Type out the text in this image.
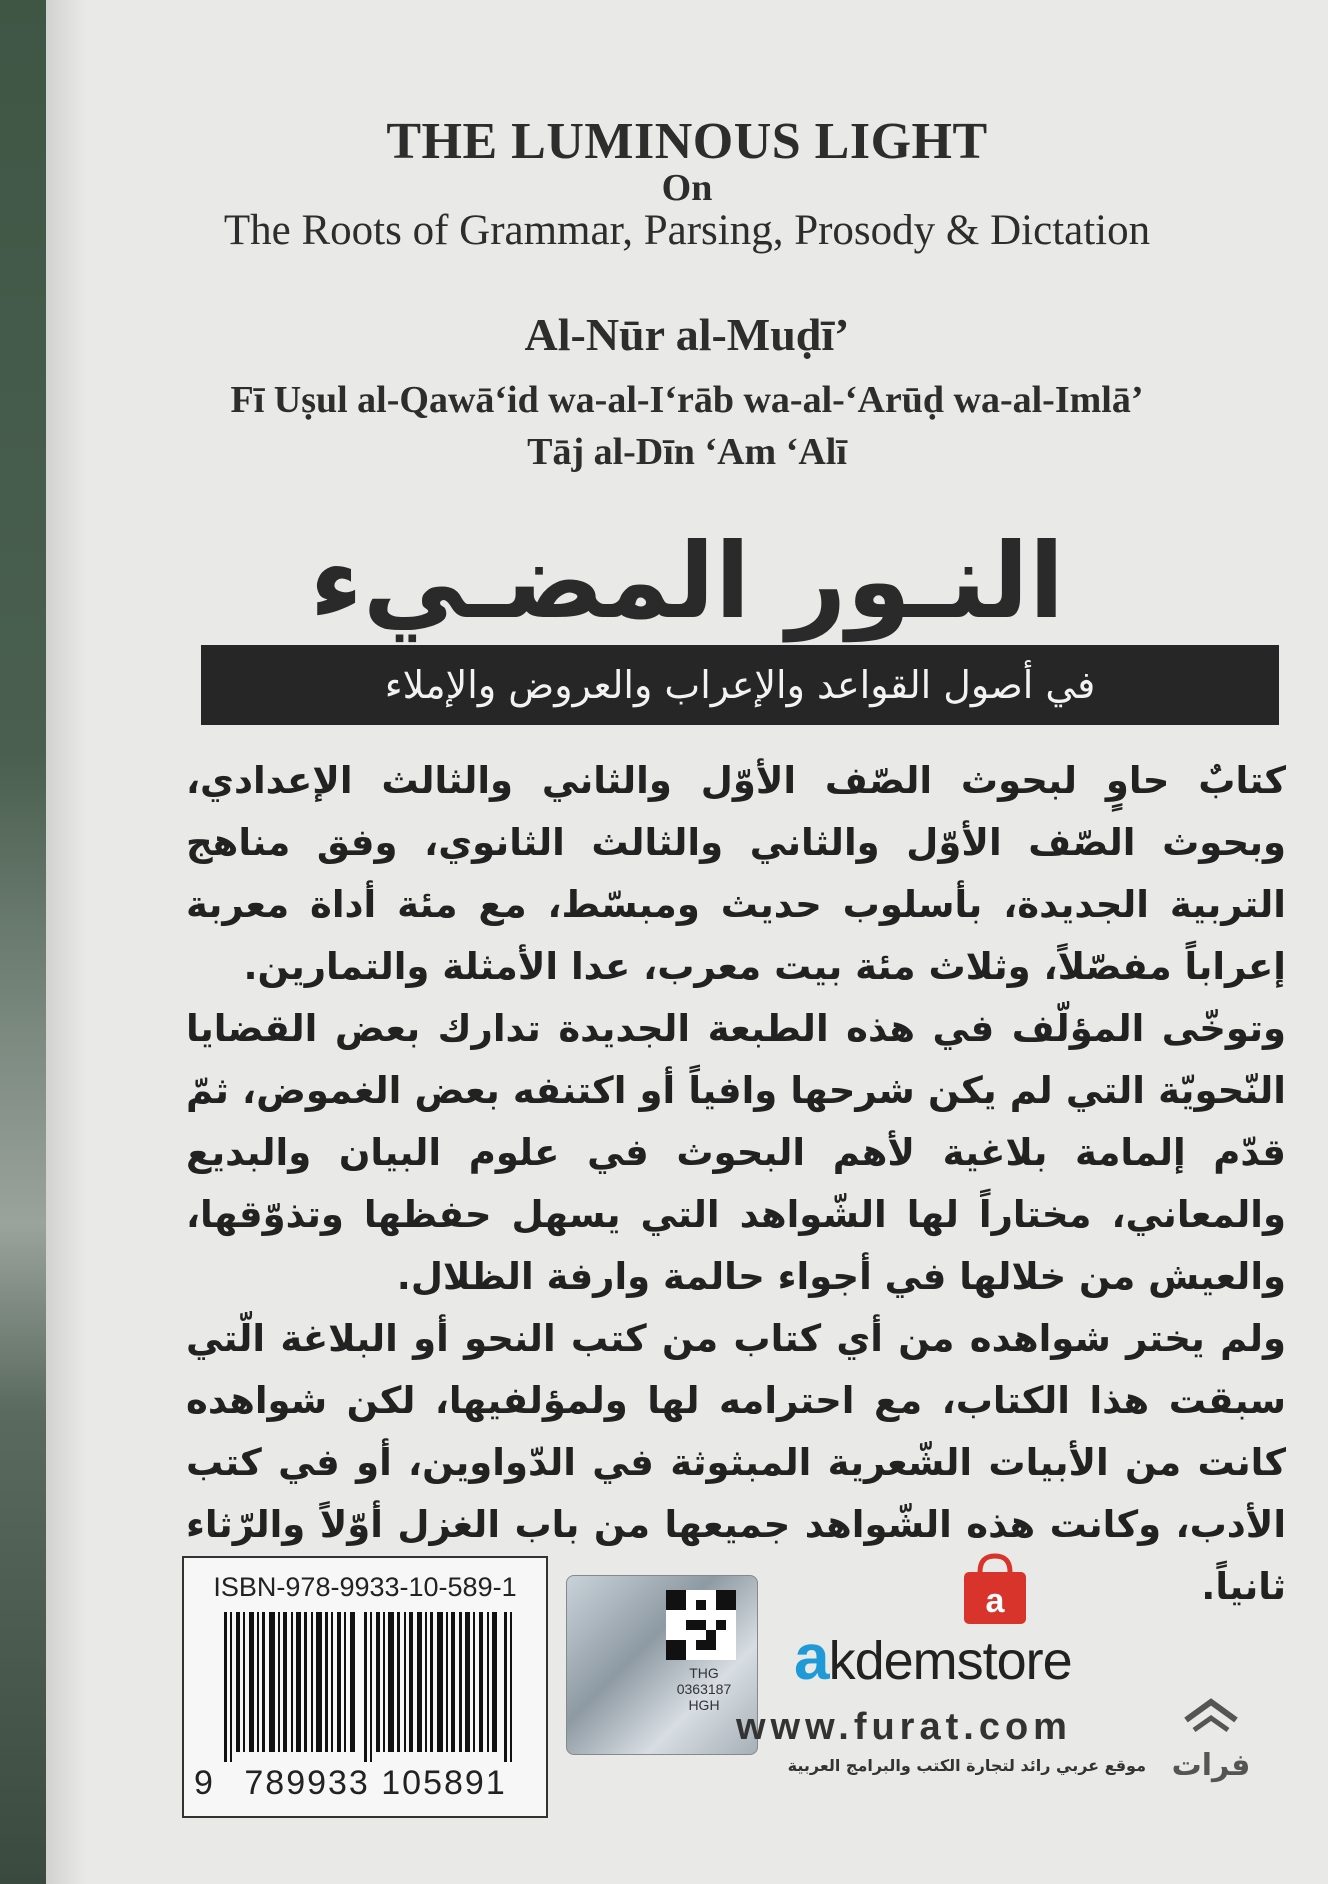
THE LUMINOUS LIGHT
On
The Roots of Grammar, Parsing, Prosody & Dictation
Al-Nūr al-Muḍī’
Fī Uṣul al-Qawā‘id wa-al-I‘rāb wa-al-‘Arūḍ wa-al-Imlā’
Tāj al-Dīn ‘Am ‘Alī
النـور المضـيء
في أصول القواعد والإعراب والعروض والإملاء

كتابٌ حاوٍ لبحوث الصّف الأوّل والثاني والثالث الإعدادي، وبحوث الصّف الأوّل والثاني والثالث الثانوي، وفق مناهج التربية الجديدة، بأسلوب حديث ومبسّط، مع مئة أداة معربة إعراباً مفصّلاً، وثلاث مئة بيت معرب، عدا الأمثلة والتمارين.

وتوخّى المؤلّف في هذه الطبعة الجديدة تدارك بعض القضايا النّحويّة التي لم يكن شرحها وافياً أو اكتنفه بعض الغموض، ثمّ قدّم إلمامة بلاغية لأهم البحوث في علوم البيان والبديع والمعاني، مختاراً لها الشّواهد التي يسهل حفظها وتذوّقها، والعيش من خلالها في أجواء حالمة وارفة الظلال.

ولم يختر شواهده من أي كتاب من كتب النحو أو البلاغة الّتي سبقت هذا الكتاب، مع احترامه لها ولمؤلفيها، لكن شواهده كانت من الأبيات الشّعرية المبثوثة في الدّواوين، أو في كتب الأدب، وكانت هذه الشّواهد جميعها من باب الغزل أوّلاً والرّثاء ثانياً.

ISBN-978-9933-10-589-1
9 789933 105891
THG
0363187
HGH
a
akdemstore
www.furat.com
موقع عربي رائد لتجارة الكتب والبرامج العربية فرات
